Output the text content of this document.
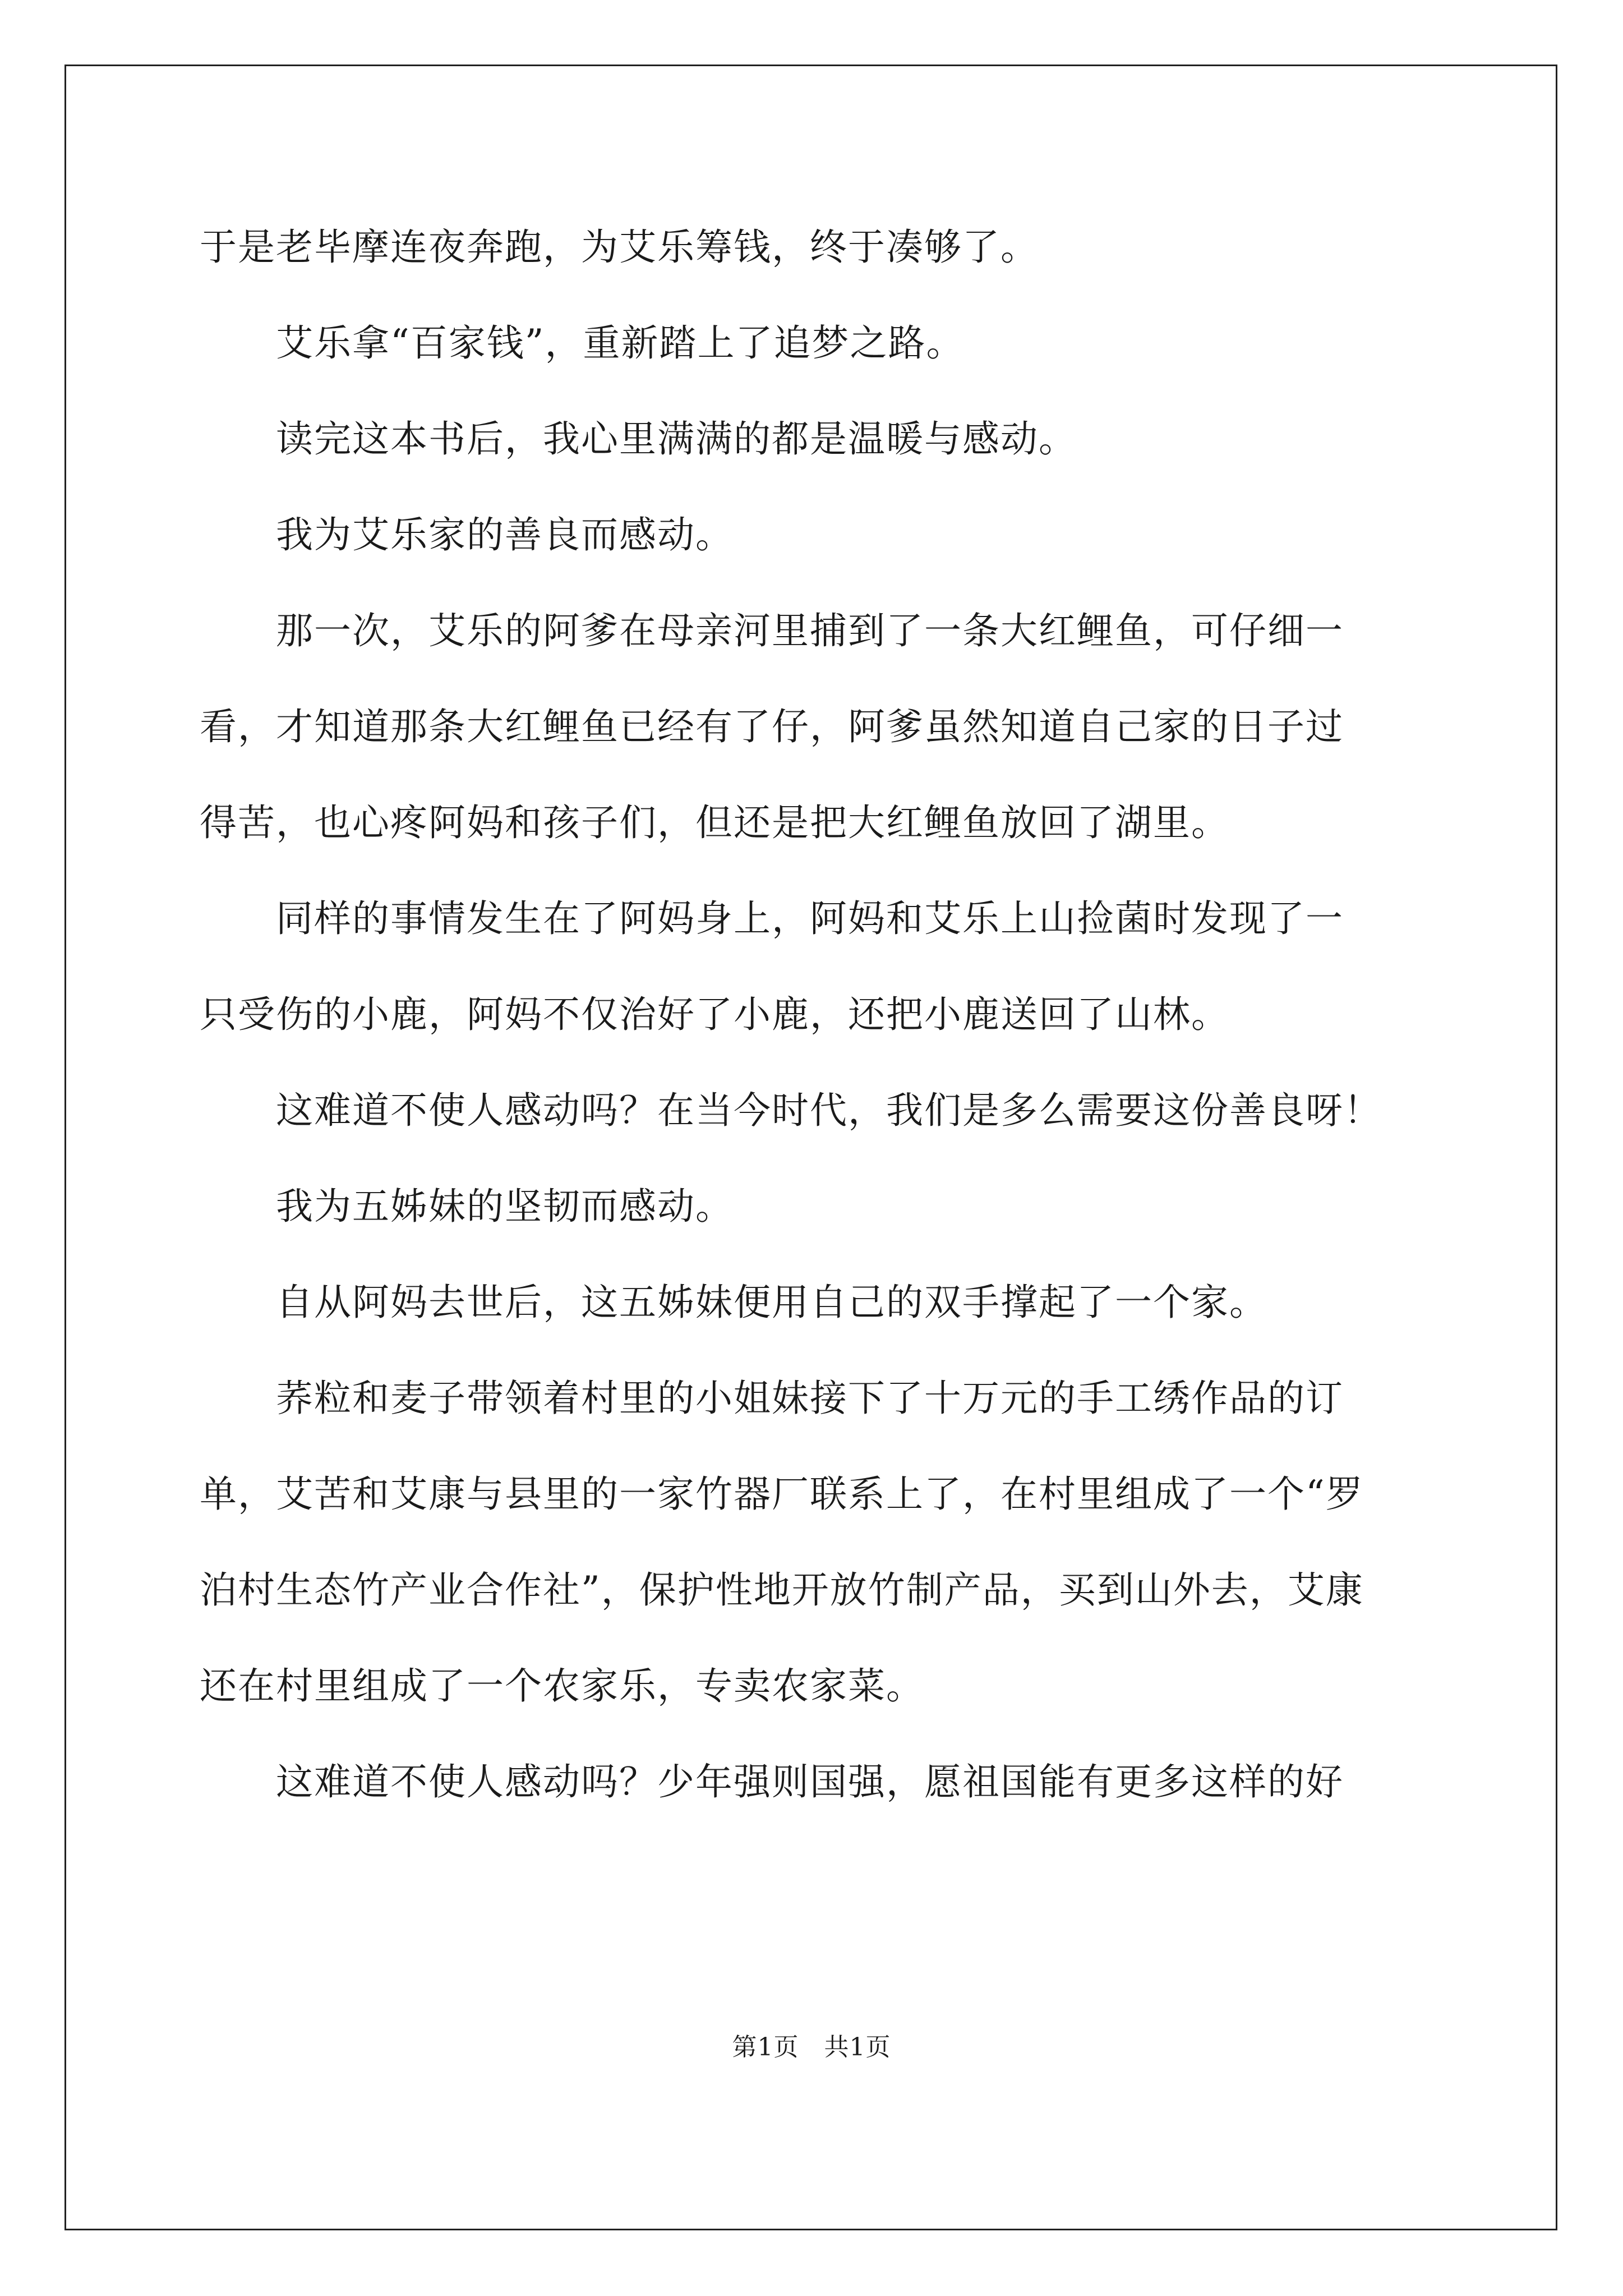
于是老毕摩连夜奔跑，为艾乐筹钱，终于凑够了。
　　艾乐拿“百家钱”，重新踏上了追梦之路。
　　读完这本书后，我心里满满的都是温暖与感动。
　　我为艾乐家的善良而感动。
　　那一次，艾乐的阿爹在母亲河里捕到了一条大红鲤鱼，可仔细一
看，才知道那条大红鲤鱼已经有了仔，阿爹虽然知道自己家的日子过
得苦，也心疼阿妈和孩子们，但还是把大红鲤鱼放回了湖里。
　　同样的事情发生在了阿妈身上，阿妈和艾乐上山捡菌时发现了一
只受伤的小鹿，阿妈不仅治好了小鹿，还把小鹿送回了山林。
　　这难道不使人感动吗？在当今时代，我们是多么需要这份善良呀！
　　我为五姊妹的坚韧而感动。
　　自从阿妈去世后，这五姊妹便用自己的双手撑起了一个家。
　　荞粒和麦子带领着村里的小姐妹接下了十万元的手工绣作品的订
单，艾苦和艾康与县里的一家竹器厂联系上了，在村里组成了一个“罗
泊村生态竹产业合作社”，保护性地开放竹制产品，买到山外去，艾康
还在村里组成了一个农家乐，专卖农家菜。
　　这难道不使人感动吗？少年强则国强，愿祖国能有更多这样的好
第1页　共1页
